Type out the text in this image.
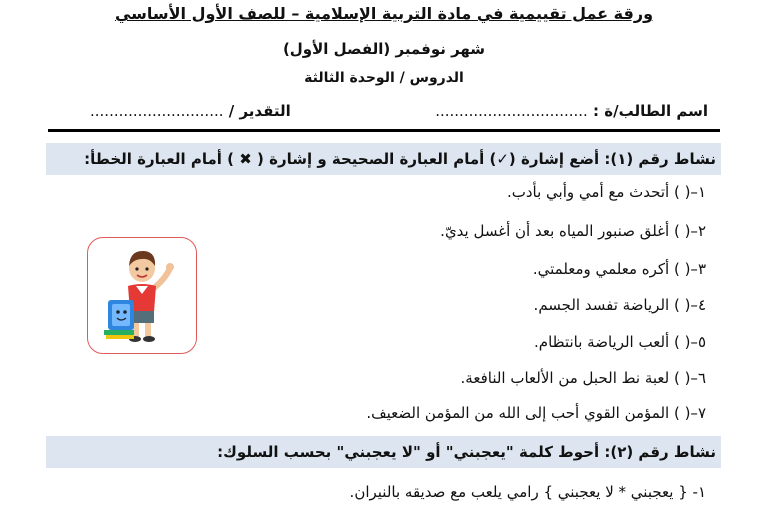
ورقة عمل تقييمية في مادة التربية الإسلامية – للصف الأول الأساسي
شهر نوفمبر (الفصل الأول)
الدروس / الوحدة الثالثة
اسم الطالب/ة : ................................
التقدير / ............................
نشاط رقم (١): أضع إشارة (✓) أمام العبارة الصحيحة و إشارة ( ✖ ) أمام العبارة الخطأ:
١–( ) أتحدث مع أمي وأبي بأدب.
٢–( ) أغلق صنبور المياه بعد أن أغسل يديّ.
٣–( ) أكره معلمي ومعلمتي.
٤–( ) الرياضة تفسد الجسم.
٥–( ) ألعب الرياضة بانتظام.
٦–( ) لعبة نط الحبل من الألعاب النافعة.
٧–( ) المؤمن القوي أحب إلى الله من المؤمن الضعيف.
نشاط رقم (٢): أحوط كلمة "يعجبني" أو "لا يعجبني" بحسب السلوك:
١- { يعجبني * لا يعجبني } رامي يلعب مع صديقه بالنيران.
